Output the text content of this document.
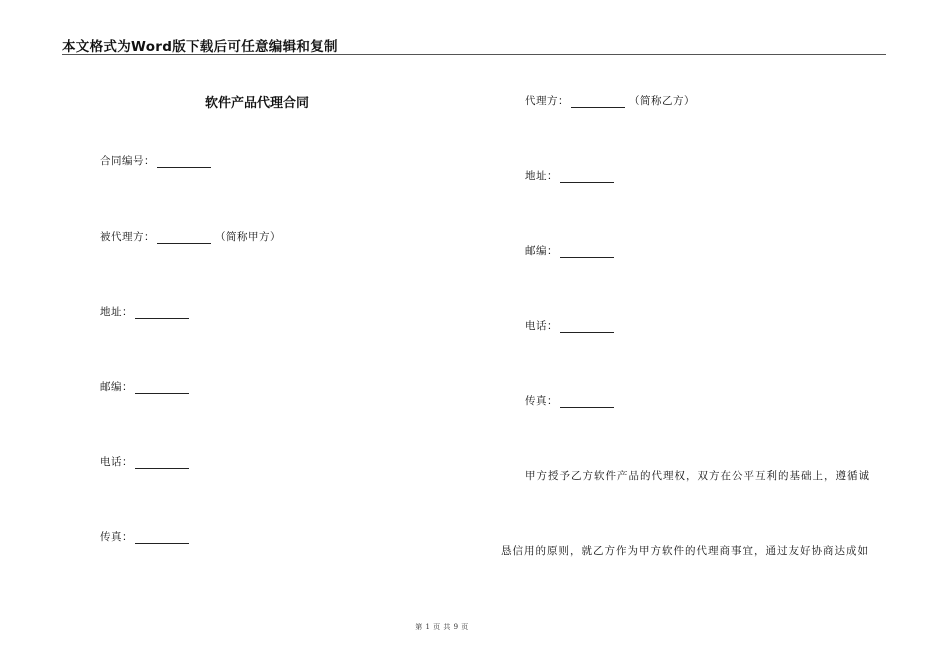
本文格式为Word版下载后可任意编辑和复制
软件产品代理合同
合同编号：
被代理方：	（简称甲方）
地址：
邮编：
电话：
传真：
代理方：	（简称乙方）
地址：
邮编：
电话：
传真：
甲方授予乙方软件产品的代理权，双方在公平互利的基础上，遵循诚
恳信用的原则，就乙方作为甲方软件的代理商事宜，通过友好协商达成如
第 1 页 共 9 页
